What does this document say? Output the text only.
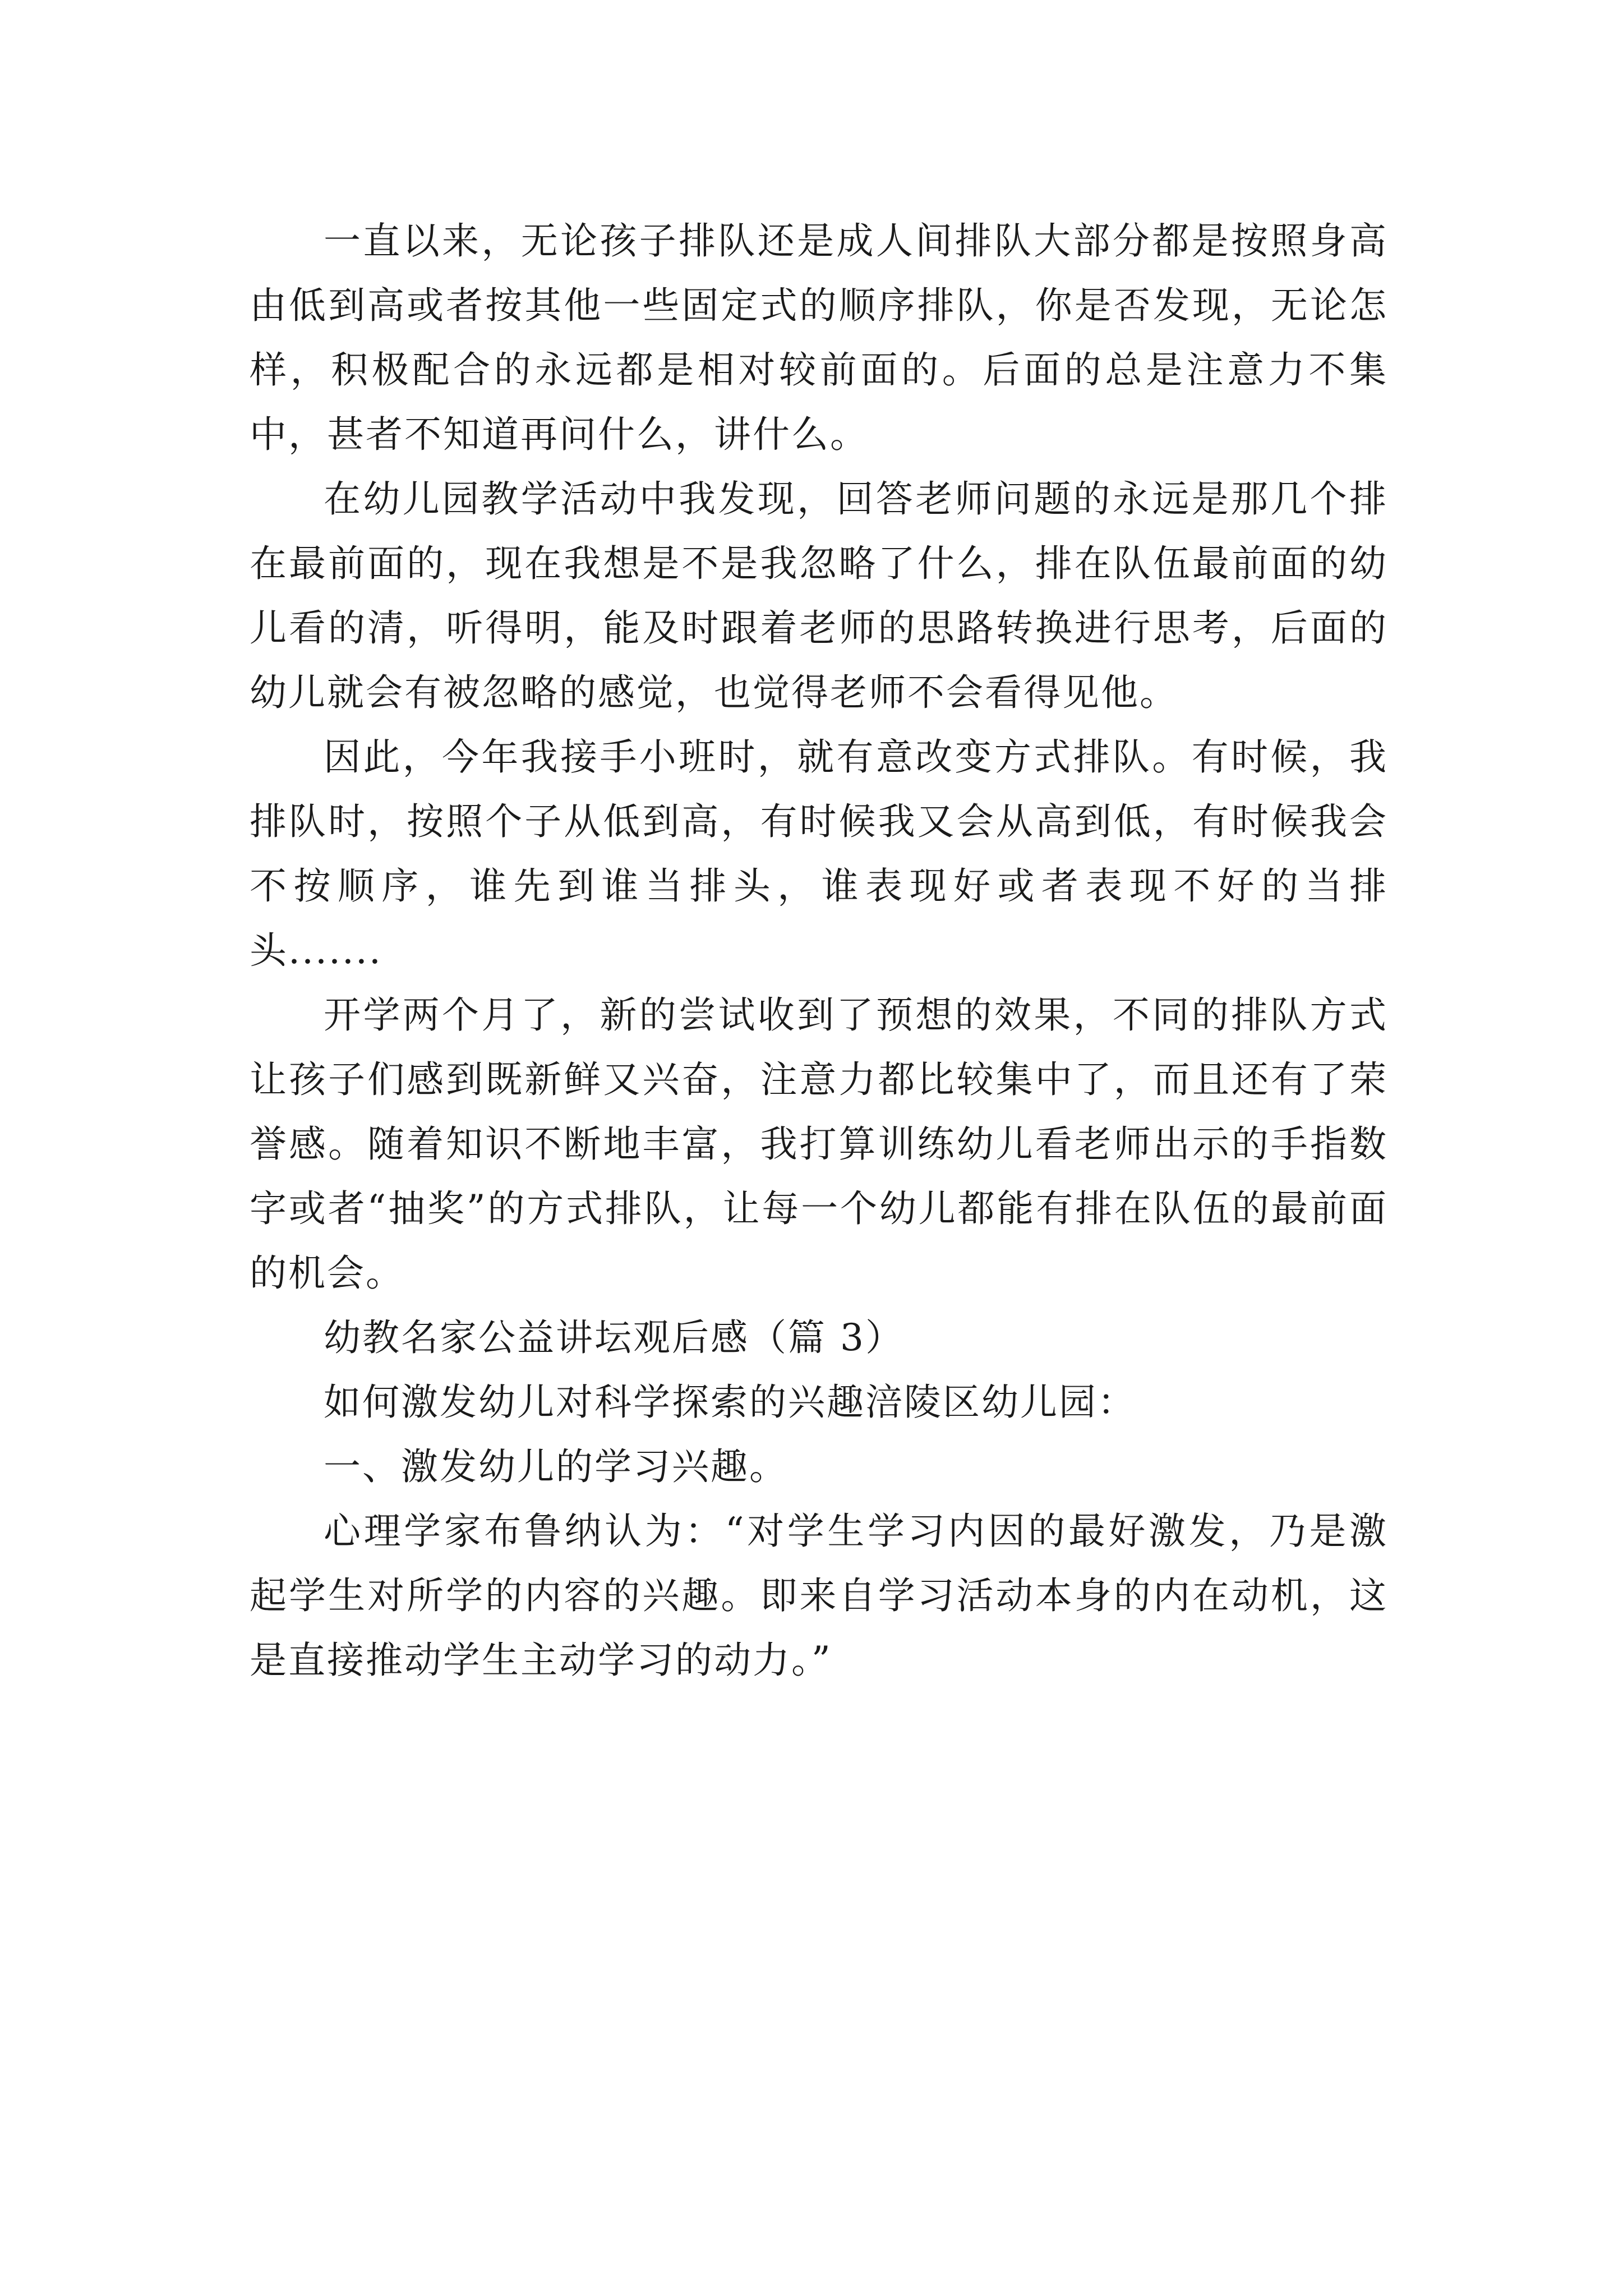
一直以来，无论孩子排队还是成人间排队大部分都是按照身高由低到高或者按其他一些固定式的顺序排队，你是否发现，无论怎样，积极配合的永远都是相对较前面的。后面的总是注意力不集中，甚者不知道再问什么，讲什么。

在幼儿园教学活动中我发现，回答老师问题的永远是那几个排在最前面的，现在我想是不是我忽略了什么，排在队伍最前面的幼儿看的清，听得明，能及时跟着老师的思路转换进行思考，后面的幼儿就会有被忽略的感觉，也觉得老师不会看得见他。

因此，今年我接手小班时，就有意改变方式排队。有时候，我排队时，按照个子从低到高，有时候我又会从高到低，有时候我会不按顺序，谁先到谁当排头，谁表现好或者表现不好的当排头.......

开学两个月了，新的尝试收到了预想的效果，不同的排队方式让孩子们感到既新鲜又兴奋，注意力都比较集中了，而且还有了荣誉感。随着知识不断地丰富，我打算训练幼儿看老师出示的手指数字或者“抽奖”的方式排队，让每一个幼儿都能有排在队伍的最前面的机会。

幼教名家公益讲坛观后感（篇 3）

如何激发幼儿对科学探索的兴趣涪陵区幼儿园：

一、激发幼儿的学习兴趣。

心理学家布鲁纳认为：“对学生学习内因的最好激发，乃是激起学生对所学的内容的兴趣。即来自学习活动本身的内在动机，这是直接推动学生主动学习的动力。”
